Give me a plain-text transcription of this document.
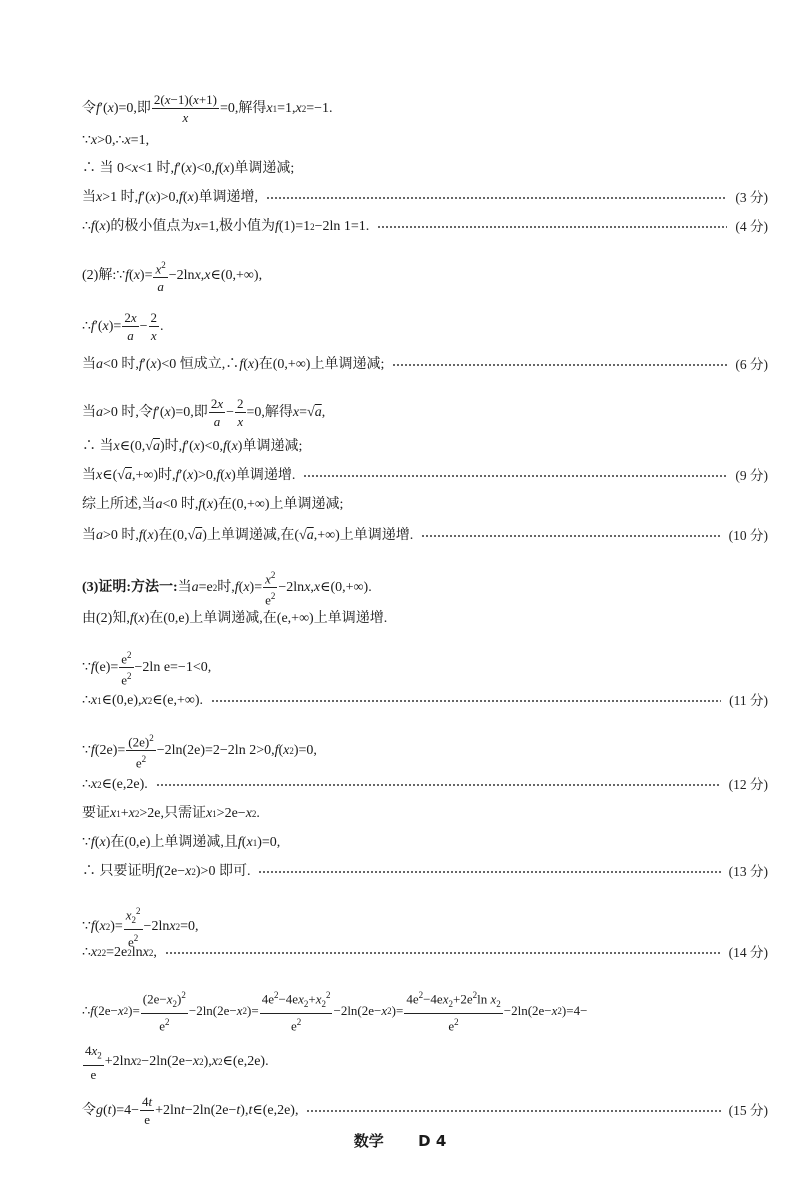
令 f ′( x )=0,即 $\frac{2(x-1)(x+1)}{x} =0$,解得 x 1 =1, x 2 =−1.
∵ x >0,∴ x =1,
∴ 当 0< x <1 时, f ′( x )<0, f ( x )单调递减;
当 x >1 时, f ′( x )>0, f ( x )单调递增,	(3 分)
∴ f ( x )的极小值点为 x =1,极小值为 f (1)=1 2 −2ln 1=1.	(4 分)
(2)解: ∵ f ( x )= $\frac{x^2}{a} -2\ln$ x , x ∈(0,+∞),
∴ f ′( x )= $\frac{2x}{a} - \frac{2}{x}$ .
当 a <0 时, f ′( x )<0 恒成立,∴ f ( x )在(0,+∞)上单调递减;	(6 分)
当 a >0 时,令 f ′( x )=0,即 $\frac{2x}{a} - \frac{2}{x} =0$,解得 x =√ a ,
∴ 当 x ∈(0,√ a )时, f ′( x )<0, f ( x )单调递减;
当 x ∈(√ a ,+∞)时, f ′( x )>0, f ( x )单调递增.	(9 分)
综上所述, 当 a <0 时, f ( x )在(0,+∞)上单调递减;
当 a >0 时, f ( x )在(0,√ a )上单调递减,在(√ a ,+∞)上单调递增.	(10 分)
(3)证明:方法一: 当 a =e 2 时, f ( x )= $\frac{x^2}{e^2} -2\ln$ x , x ∈(0,+∞).
由(2)知, f ( x )在(0,e)上单调递减,在(e,+∞)上单调递增.
∵ f $(e)= \frac{e^2}{e^2} -2\ln$ e=−1<0,
∴ x 1 ∈(0,e), x 2 ∈(e,+∞).	(11 分)
∵ f $(2e)= \frac{(2e)^2}{e^2} -2\ln(2e)=2-2\ln$ 2>0, f ( x 2 )=0,
∴ x 2 ∈(e,2e).	(12 分)
要证 x 1 + x 2 >2e,只需证 x 1 >2e− x 2 .
∵ f ( x )在(0,e)上单调递减,且 f ( x 1 )=0,
∴ 只要证明 f (2e− x 2 )>0 即可.	(13 分)
∵ f ( x 2 )= $\frac{x_2^2}{e^2} -2\ln$ x 2 =0,
∴ x 2 2 =2e 2 ln x 2 ,	(14 分)
∴ f (2e− x 2 )= $\frac{(2e-x_2)^2}{e^2} -2\ln(2e- x$ 2 )= $\frac{4e^2-4ex_2+x_2^2}{e^2} -2\ln(2e- x$ 2 )= $\frac{4e^2-4ex_2+2e^2\ln x_2}{e^2} -2\ln(2e- x$ 2 )=4−
$\frac{4x_2}{e} +2\ln$ x 2 −2ln(2e− x 2 ), x 2 ∈(e,2e).
令 g ( t )$=4- \frac{4t}{e} +2\ln$ t −2ln(2e− t ), t ∈(e,2e),	(15 分)
数学 D 4
